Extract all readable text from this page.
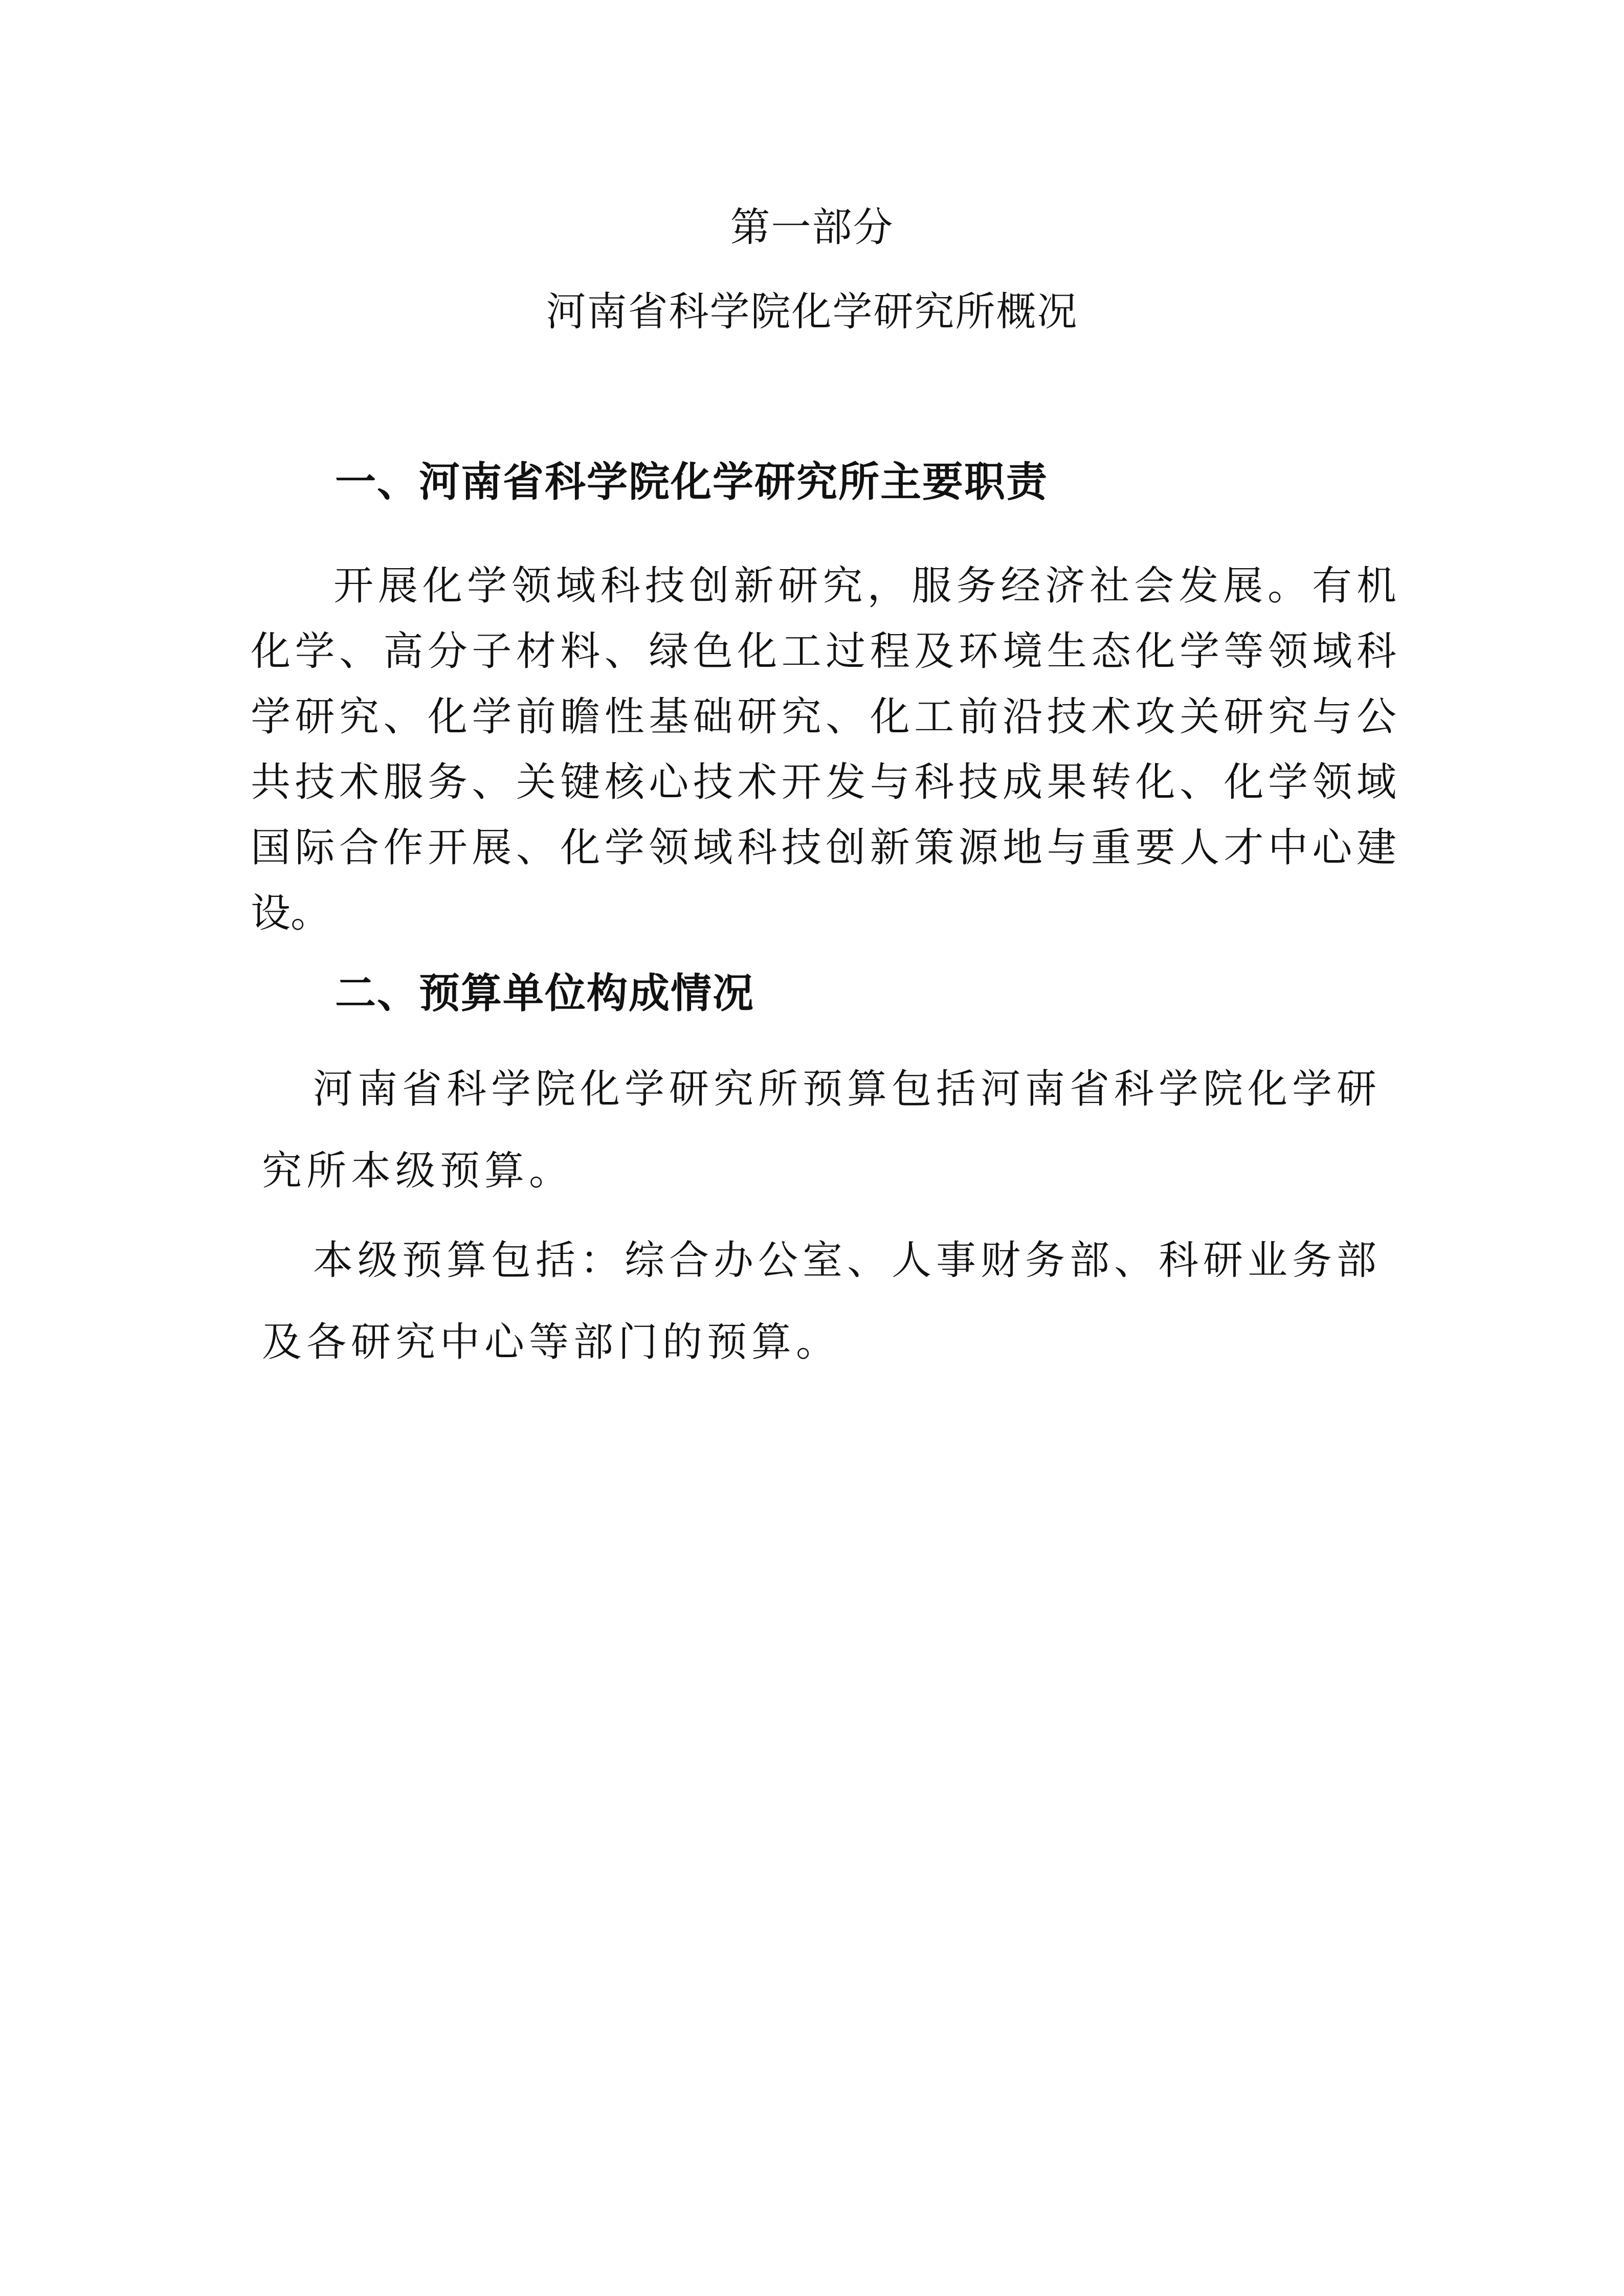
第一部分
河南省科学院化学研究所概况
一、河南省科学院化学研究所主要职责
开展化学领域科技创新研究，服务经济社会发展。有机
化学、高分子材料、绿色化工过程及环境生态化学等领域科
学研究、化学前瞻性基础研究、化工前沿技术攻关研究与公
共技术服务、关键核心技术开发与科技成果转化、化学领域
国际合作开展、化学领域科技创新策源地与重要人才中心建
设。
二、预算单位构成情况
河南省科学院化学研究所预算包括河南省科学院化学研
究所本级预算。
本级预算包括：综合办公室、人事财务部、科研业务部
及各研究中心等部门的预算。
